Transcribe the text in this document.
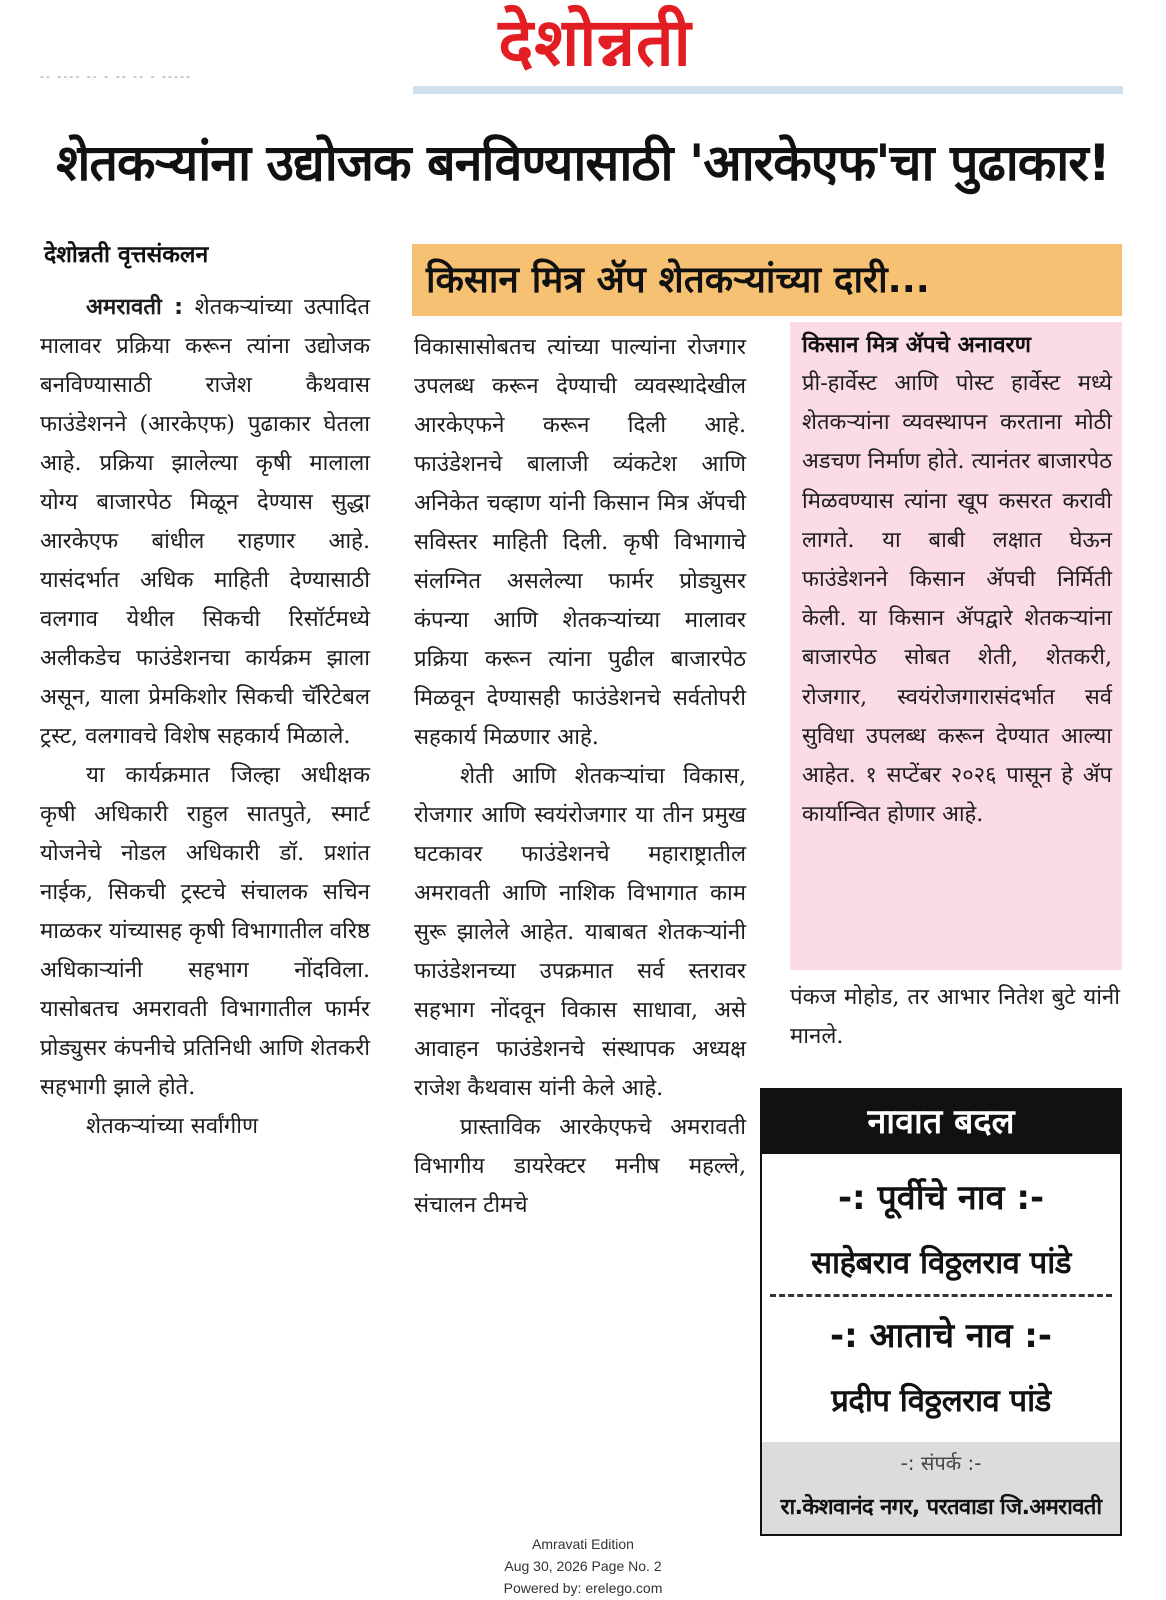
देशोन्नती
-- ---- -- - -- -- - -----
शेतकऱ्यांना उद्योजक बनविण्यासाठी 'आरकेएफ'चा पुढाकार!
देशोन्नती वृत्तसंकलन
किसान मित्र ॲप शेतकऱ्यांच्या दारी...

अमरावती : शेतकऱ्यांच्या उत्पादित मालावर प्रक्रिया करून त्यांना उद्योजक बनविण्यासाठी राजेश कैथवास फाउंडेशनने (आरकेएफ) पुढाकार घेतला आहे. प्रक्रिया झालेल्या कृषी मालाला योग्य बाजारपेठ मिळून देण्यास सुद्धा आरकेएफ बांधील राहणार आहे. यासंदर्भात अधिक माहिती देण्यासाठी वलगाव येथील सिकची रिसॉर्टमध्ये अलीकडेच फाउंडेशनचा कार्यक्रम झाला असून, याला प्रेमकिशोर सिकची चॅरिटेबल ट्रस्ट, वलगावचे विशेष सहकार्य मिळाले.

या कार्यक्रमात जिल्हा अधीक्षक कृषी अधिकारी राहुल सातपुते, स्मार्ट योजनेचे नोडल अधिकारी डॉ. प्रशांत नाईक, सिकची ट्रस्टचे संचालक सचिन माळकर यांच्यासह कृषी विभागातील वरिष्ठ अधिकाऱ्यांनी सहभाग नोंदविला. यासोबतच अमरावती विभागातील फार्मर प्रोड्युसर कंपनीचे प्रतिनिधी आणि शेतकरी सहभागी झाले होते.

शेतकऱ्यांच्या सर्वांगीण

विकासासोबतच त्यांच्या पाल्यांना रोजगार उपलब्ध करून देण्याची व्यवस्थादेखील आरकेएफने करून दिली आहे. फाउंडेशनचे बालाजी व्यंकटेश आणि अनिकेत चव्हाण यांनी किसान मित्र ॲपची सविस्तर माहिती दिली. कृषी विभागाचे संलग्नित असलेल्या फार्मर प्रोड्युसर कंपन्या आणि शेतकऱ्यांच्या मालावर प्रक्रिया करून त्यांना पुढील बाजारपेठ मिळवून देण्यासही फाउंडेशनचे सर्वतोपरी सहकार्य मिळणार आहे.

शेती आणि शेतकऱ्यांचा विकास, रोजगार आणि स्वयंरोजगार या तीन प्रमुख घटकावर फाउंडेशनचे महाराष्ट्रातील अमरावती आणि नाशिक विभागात काम सुरू झालेले आहेत. याबाबत शेतकऱ्यांनी फाउंडेशनच्या उपक्रमात सर्व स्तरावर सहभाग नोंदवून विकास साधावा, असे आवाहन फाउंडेशनचे संस्थापक अध्यक्ष राजेश कैथवास यांनी केले आहे.

प्रास्ताविक आरकेएफचे अमरावती विभागीय डायरेक्टर मनीष महल्ले, संचालन टीमचे

किसान मित्र ॲपचे अनावरण

प्री-हार्वेस्ट आणि पोस्ट हार्वेस्ट मध्ये शेतकऱ्यांना व्यवस्थापन करताना मोठी अडचण निर्माण होते. त्यानंतर बाजारपेठ मिळवण्यास त्यांना खूप कसरत करावी लागते. या बाबी लक्षात घेऊन फाउंडेशनने किसान ॲपची निर्मिती केली. या किसान ॲपद्वारे शेतकऱ्यांना बाजारपेठ सोबत शेती, शेतकरी, रोजगार, स्वयंरोजगारासंदर्भात सर्व सुविधा उपलब्ध करून देण्यात आल्या आहेत. १ सप्टेंबर २०२६ पासून हे ॲप कार्यान्वित होणार आहे.

पंकज मोहोड, तर आभार नितेश बुटे यांनी मानले.

नावात बदल
-: पूर्वीचे नाव :-
साहेबराव विठ्ठलराव पांडे
-: आताचे नाव :-
प्रदीप विठ्ठलराव पांडे
-: संपर्क :-
रा.केशवानंद नगर, परतवाडा जि.अमरावती
Amravati Edition
Aug 30, 2026 Page No. 2
Powered by: erelego.com
